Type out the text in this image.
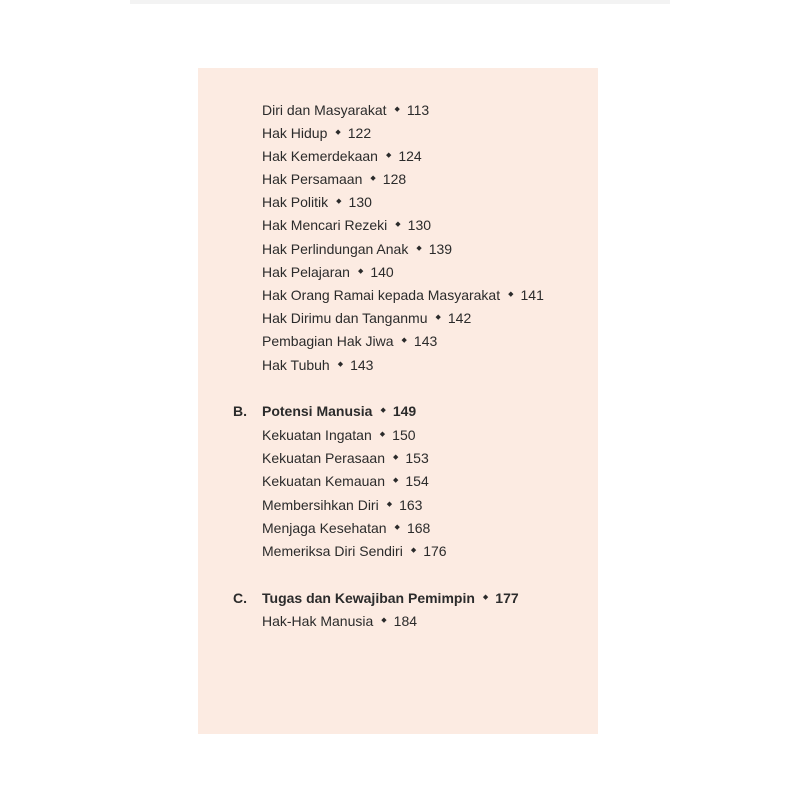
Diri dan Masyarakat ◆ 113
Hak Hidup ◆ 122
Hak Kemerdekaan ◆ 124
Hak Persamaan ◆ 128
Hak Politik ◆ 130
Hak Mencari Rezeki ◆ 130
Hak Perlindungan Anak ◆ 139
Hak Pelajaran ◆ 140
Hak Orang Ramai kepada Masyarakat ◆ 141
Hak Dirimu dan Tanganmu ◆ 142
Pembagian Hak Jiwa ◆ 143
Hak Tubuh ◆ 143
B. Potensi Manusia ◆ 149
Kekuatan Ingatan ◆ 150
Kekuatan Perasaan ◆ 153
Kekuatan Kemauan ◆ 154
Membersihkan Diri ◆ 163
Menjaga Kesehatan ◆ 168
Memeriksa Diri Sendiri ◆ 176
C. Tugas dan Kewajiban Pemimpin ◆ 177
Hak-Hak Manusia ◆ 184
